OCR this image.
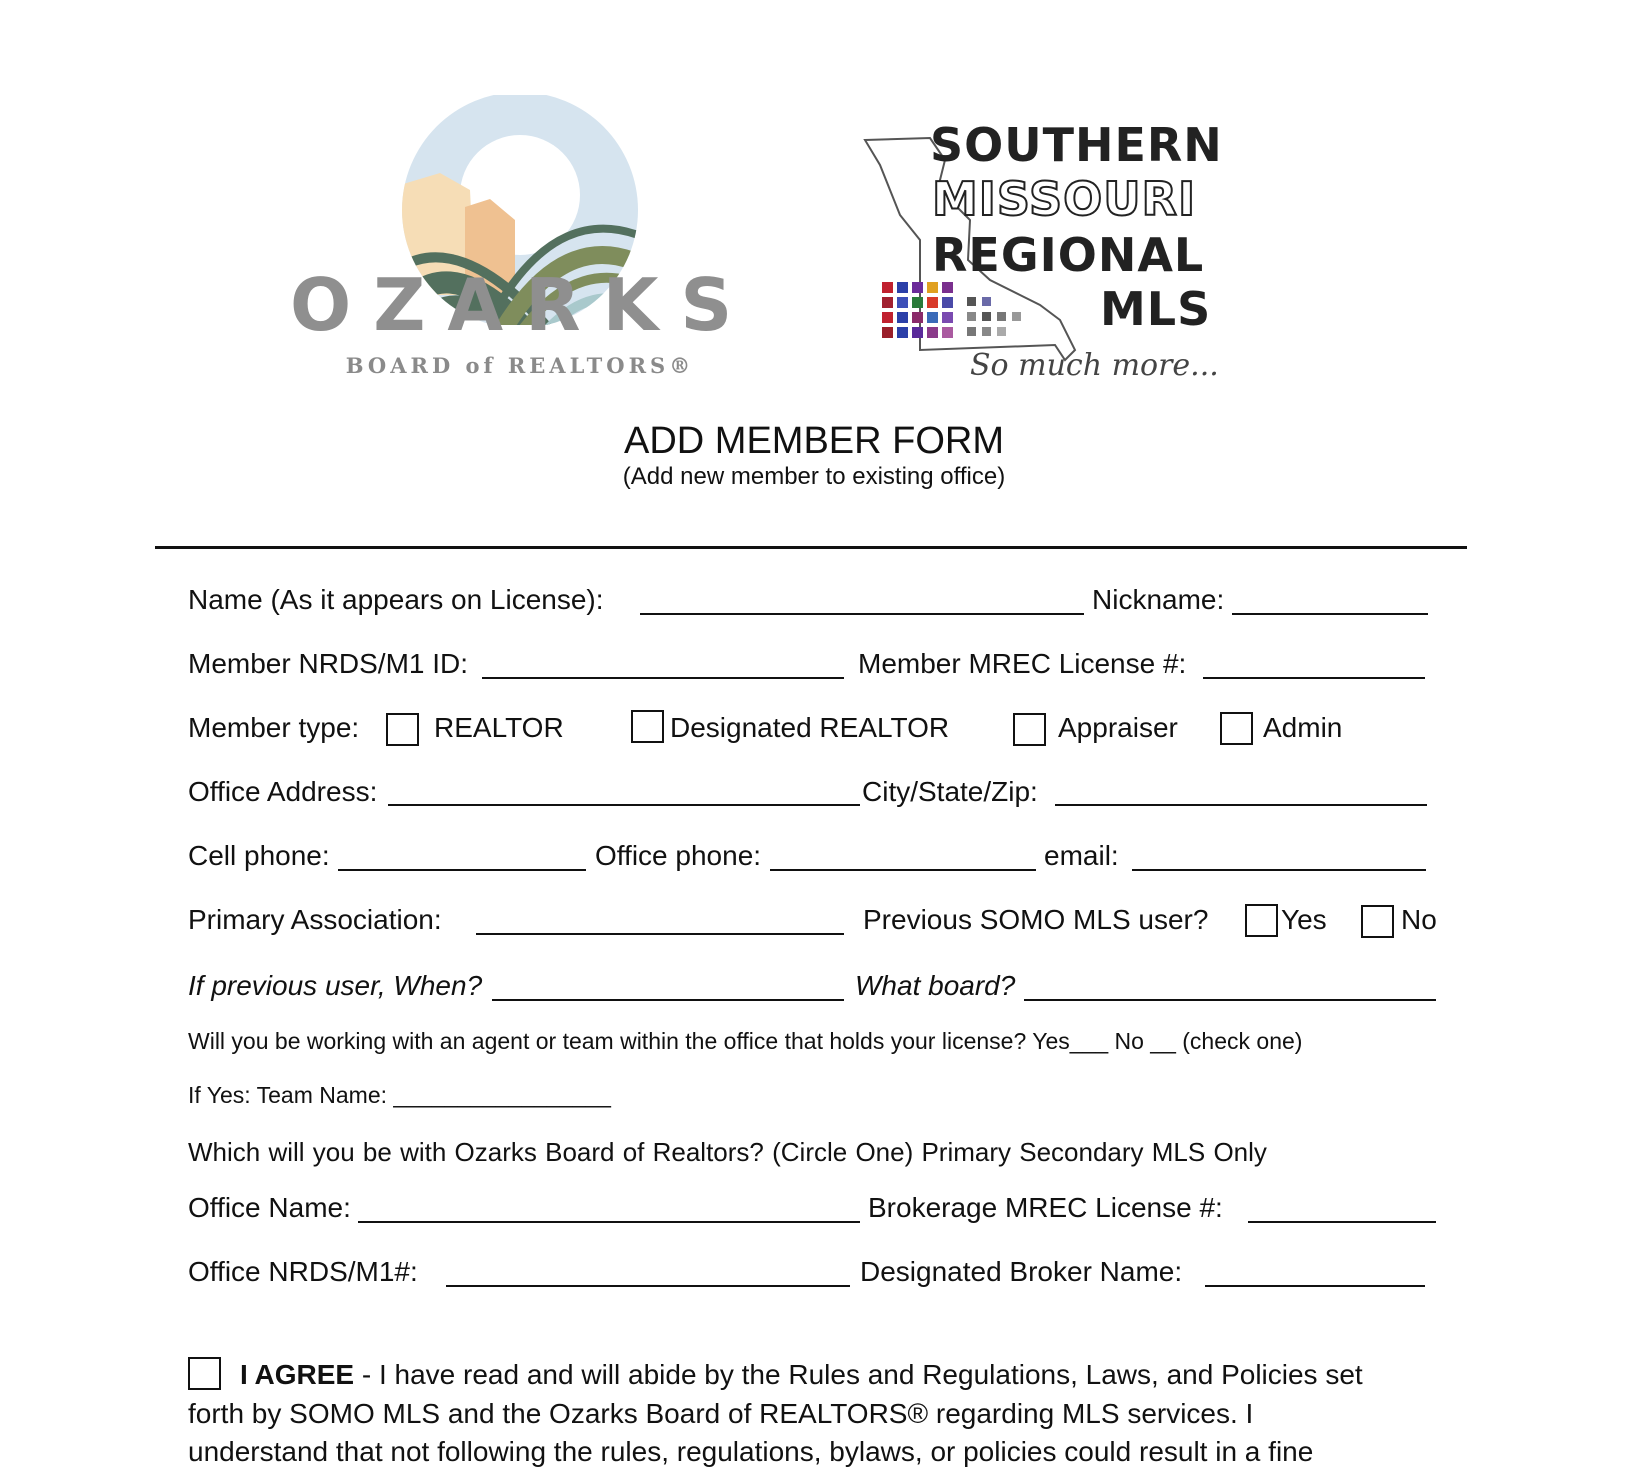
OZARKS
BOARD of REALTORS®
SOUTHERN
MISSOURI
REGIONAL
MLS
So much more...
ADD MEMBER FORM
(Add new member to existing office)
Name (As it appears on License):	Nickname:
Member NRDS/M1 ID:	Member MREC License #:
Member type:	REALTOR	Designated REALTOR	Appraiser	Admin
Office Address:	City/State/Zip:
Cell phone:	Office phone:	email:
Primary Association:	Previous SOMO MLS user?	Yes	No
If previous user, When?	What board?
Will you be working with an agent or team within the office that holds your license? Yes___ No __ (check one)
If Yes: Team Name: _________________
Which will you be with Ozarks Board of Realtors? (Circle One) Primary Secondary MLS Only
Office Name:	Brokerage MREC License #:
Office NRDS/M1#:	Designated Broker Name:
I AGREE - I have read and will abide by the Rules and Regulations, Laws, and Policies set
forth by SOMO MLS and the Ozarks Board of REALTORS® regarding MLS services. I
understand that not following the rules, regulations, bylaws, or policies could result in a fine
